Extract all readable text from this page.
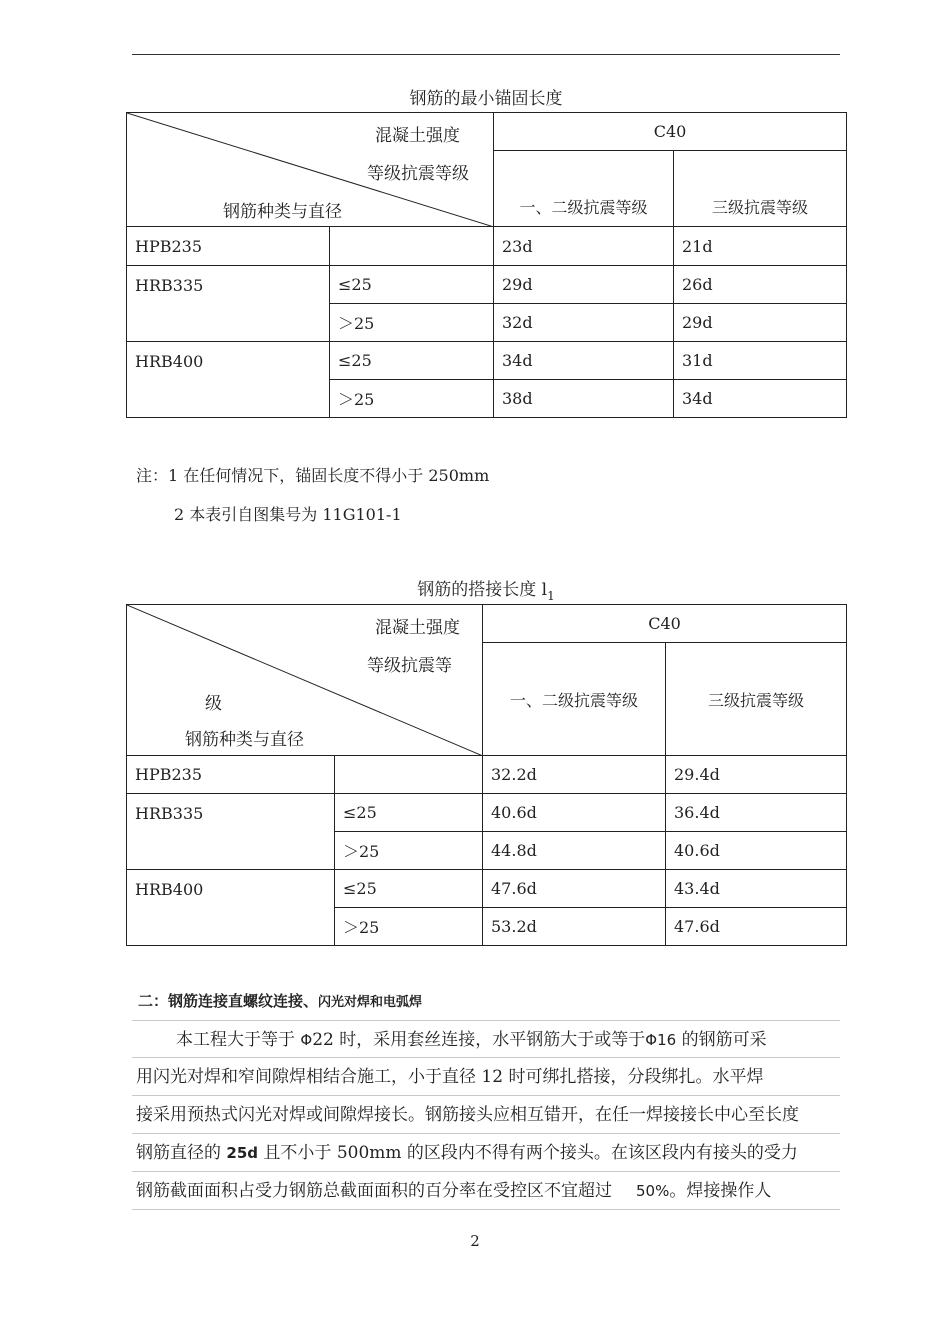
钢筋的最小锚固长度
混凝土强度
等级抗震等级
钢筋种类与直径		C40	
		一、二级抗震等级	三级抗震等级
HPB235		23d	21d
HRB335	≤25	29d	26d
	＞25	32d	29d
HRB400	≤25	34d	31d
	＞25	38d	34d
注：1 在任何情况下，锚固长度不得小于 250mm
2 本表引自图集号为 11G101-1
钢筋的搭接长度 $l_1$
混凝土强度
等级抗震等
级
钢筋种类与直径		C40	
		一、二级抗震等级	三级抗震等级
HPB235		32.2d	29.4d
HRB335	≤25	40.6d	36.4d
	＞25	44.8d	40.6d
HRB400	≤25	47.6d	43.4d
	＞25	53.2d	47.6d
二：钢筋连接直螺纹连接、闪光对焊和电弧焊
本工程大于等于 Φ22 时，采用套丝连接，水平钢筋大于或等于Φ16 的钢筋可采
用闪光对焊和窄间隙焊相结合施工，小于直径 12 时可绑扎搭接，分段绑扎。水平焊
接采用预热式闪光对焊或间隙焊接长。钢筋接头应相互错开，在任一焊接接长中心至长度
钢筋直径的 25d 且不小于 500mm 的区段内不得有两个接头。在该区段内有接头的受力
钢筋截面面积占受力钢筋总截面面积的百分率在受控区不宜超过 50%。焊接操作人
2
